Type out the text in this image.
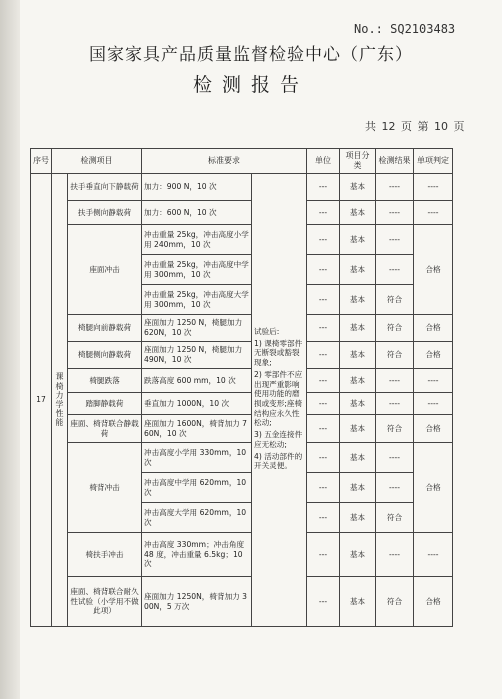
No.: SQ2103483
国家家具产品质量监督检验中心（广东）
检测报告
共 12 页 第 10 页
序号	检测项目		标准要求		单位	项目分类	检测结果	单项判定
17	课椅力学性能	扶手垂直向下静载荷	加力：900 N，10 次	试验后:
1) 课椅零部件无断裂或豁裂现象;
2) 零部件不应出现严重影响使用功能的磨损或变形;座椅结构应永久性松动;
3) 五金连接件应无松动;
4) 活动部件的开关灵便。	---	基本	----	----
		扶手侧向静载荷	加力：600 N，10 次		---	基本	----	----
		座面冲击	冲击重量 25kg，冲击高度小学用 240mm，10 次		---	基本	----	合格
			冲击重量 25kg，冲击高度中学用 300mm，10 次		---	基本	----	
			冲击重量 25kg，冲击高度大学用 300mm，10 次		---	基本	符合	
		椅腿向前静载荷	座面加力 1250 N，椅腿加力 620N，10 次		---	基本	符合	合格
		椅腿侧向静载荷	座面加力 1250 N，椅腿加力 490N，10 次		---	基本	符合	合格
		椅腿跌落	跌落高度 600 mm，10 次		---	基本	----	----
		踏脚静载荷	垂直加力 1000N，10 次		---	基本	----	----
		座面、椅背联合静载荷	座面加力 1600N，椅背加力 760N，10 次		---	基本	符合	合格
		椅背冲击	冲击高度小学用 330mm，10 次		---	基本	----	合格
			冲击高度中学用 620mm，10 次		---	基本	----	
			冲击高度大学用 620mm，10 次		---	基本	符合	
		椅扶手冲击	冲击高度 330mm；冲击角度 48 度，冲击重量 6.5kg；10 次		---	基本	----	----
		座面、椅背联合耐久性试验（小学用不做此项）	座面加力 1250N，椅背加力 300N，5 万次		---	基本	符合	合格
